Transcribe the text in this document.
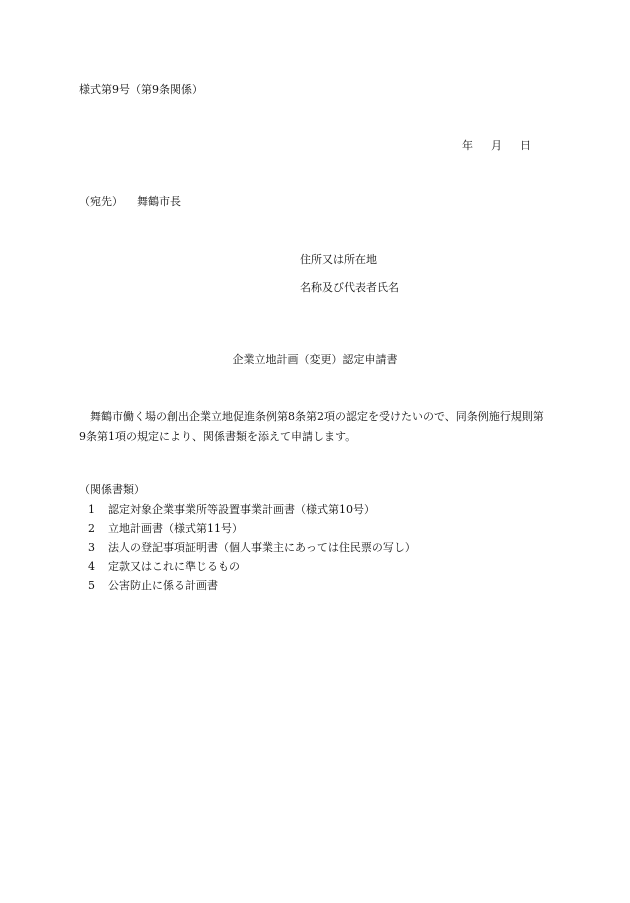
様式第9号（第9条関係）
年 月 日
（宛先） 舞鶴市長
住所又は所在地
名称及び代表者氏名
企業立地計画（変更）認定申請書
舞鶴市働く場の創出企業立地促進条例第8条第2項の認定を受けたいので、同条例施行規則第9条第1項の規定により、関係書類を添えて申請します。
（関係書類）
1 認定対象企業事業所等設置事業計画書（様式第10号）
2 立地計画書（様式第11号）
3 法人の登記事項証明書（個人事業主にあっては住民票の写し）
4 定款又はこれに準じるもの
5 公害防止に係る計画書
